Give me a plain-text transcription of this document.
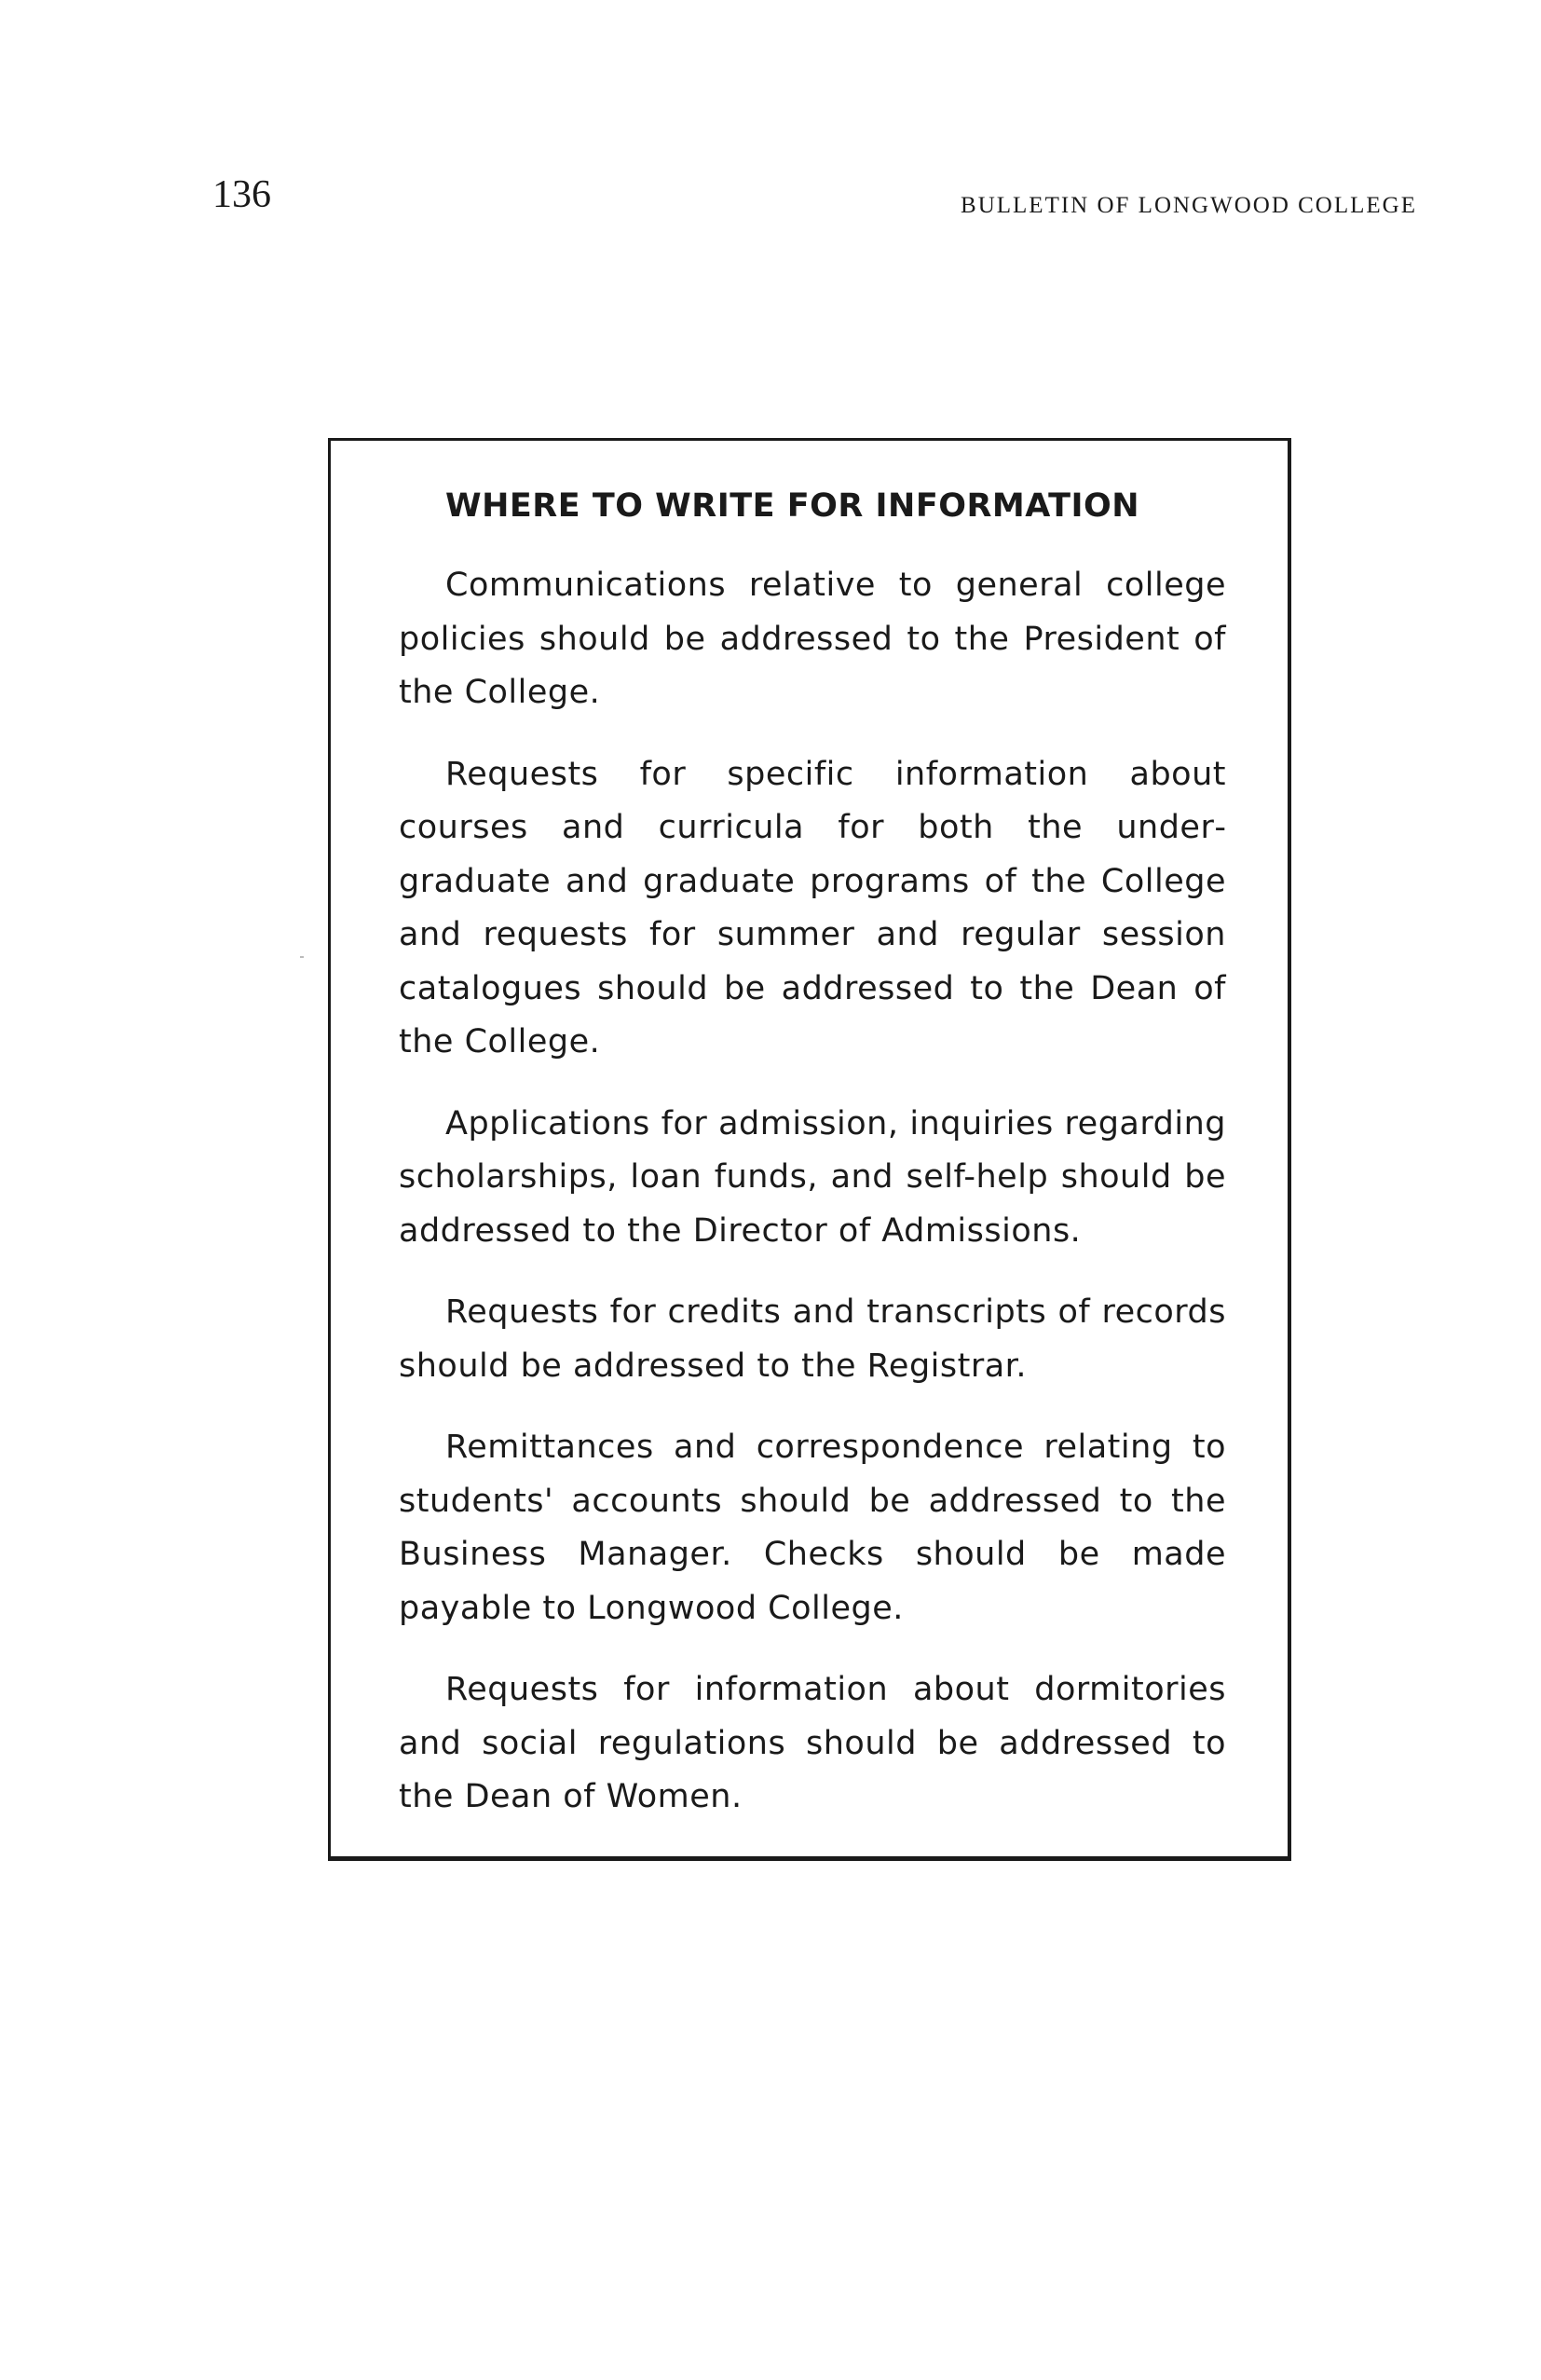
136	BULLETIN OF LONGWOOD COLLEGE
WHERE TO WRITE FOR INFORMATION

Communications relative to general college policies should be addressed to the President of the College.

Requests for specific information about courses and curricula for both the undergraduate and graduate programs of the College and requests for summer and regular session catalogues should be addressed to the Dean of the College.

Applications for admission, inquiries regarding scholarships, loan funds, and self-help should be addressed to the Director of Admissions.

Requests for credits and transcripts of records should be addressed to the Registrar.

Remittances and correspondence relating to students' accounts should be addressed to the Business Manager. Checks should be made payable to Longwood College.

Requests for information about dormitories and social regulations should be addressed to the Dean of Women.
